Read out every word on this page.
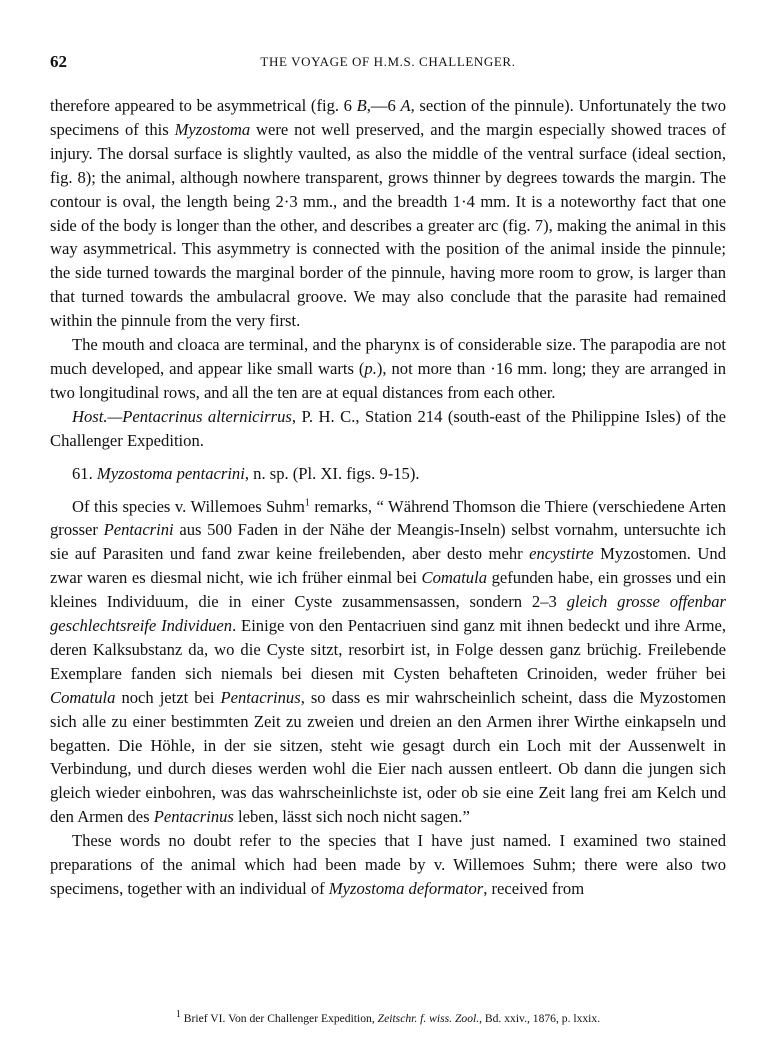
62	THE VOYAGE OF H.M.S. CHALLENGER.

therefore appeared to be asymmetrical (fig. 6 B,—6 A, section of the pinnule). Unfortunately the two specimens of this Myzostoma were not well preserved, and the margin especially showed traces of injury. The dorsal surface is slightly vaulted, as also the middle of the ventral surface (ideal section, fig. 8); the animal, although nowhere transparent, grows thinner by degrees towards the margin. The contour is oval, the length being 2·3 mm., and the breadth 1·4 mm. It is a noteworthy fact that one side of the body is longer than the other, and describes a greater arc (fig. 7), making the animal in this way asymmetrical. This asymmetry is connected with the position of the animal inside the pinnule; the side turned towards the marginal border of the pinnule, having more room to grow, is larger than that turned towards the ambulacral groove. We may also conclude that the parasite had remained within the pinnule from the very first.

The mouth and cloaca are terminal, and the pharynx is of considerable size. The parapodia are not much developed, and appear like small warts (p.), not more than ·16 mm. long; they are arranged in two longitudinal rows, and all the ten are at equal distances from each other.

Host.—Pentacrinus alternicirrus, P. H. C., Station 214 (south-east of the Philippine Isles) of the Challenger Expedition.

61. Myzostoma pentacrini, n. sp. (Pl. XI. figs. 9-15).

Of this species v. Willemoes Suhm$^1$ remarks, “ Während Thomson die Thiere (verschiedene Arten grosser Pentacrini aus 500 Faden in der Nähe der Meangis-Inseln) selbst vornahm, untersuchte ich sie auf Parasiten und fand zwar keine freilebenden, aber desto mehr encystirte Myzostomen. Und zwar waren es diesmal nicht, wie ich früher einmal bei Comatula gefunden habe, ein grosses und ein kleines Individuum, die in einer Cyste zusammensassen, sondern 2–3 gleich grosse offenbar geschlechtsreife Individuen. Einige von den Pentacriuen sind ganz mit ihnen bedeckt und ihre Arme, deren Kalksubstanz da, wo die Cyste sitzt, resorbirt ist, in Folge dessen ganz brüchig. Freilebende Exemplare fanden sich niemals bei diesen mit Cysten behafteten Crinoiden, weder früher bei Comatula noch jetzt bei Pentacrinus, so dass es mir wahrscheinlich scheint, dass die Myzostomen sich alle zu einer bestimmten Zeit zu zweien und dreien an den Armen ihrer Wirthe einkapseln und begatten. Die Höhle, in der sie sitzen, steht wie gesagt durch ein Loch mit der Aussenwelt in Verbindung, und durch dieses werden wohl die Eier nach aussen entleert. Ob dann die jungen sich gleich wieder einbohren, was das wahrscheinlichste ist, oder ob sie eine Zeit lang frei am Kelch und den Armen des Pentacrinus leben, lässt sich noch nicht sagen.”

These words no doubt refer to the species that I have just named. I examined two stained preparations of the animal which had been made by v. Willemoes Suhm; there were also two specimens, together with an individual of Myzostoma deformator, received from

$^1$ Brief VI. Von der Challenger Expedition, Zeitschr. f. wiss. Zool., Bd. xxiv., 1876, p. lxxix.
